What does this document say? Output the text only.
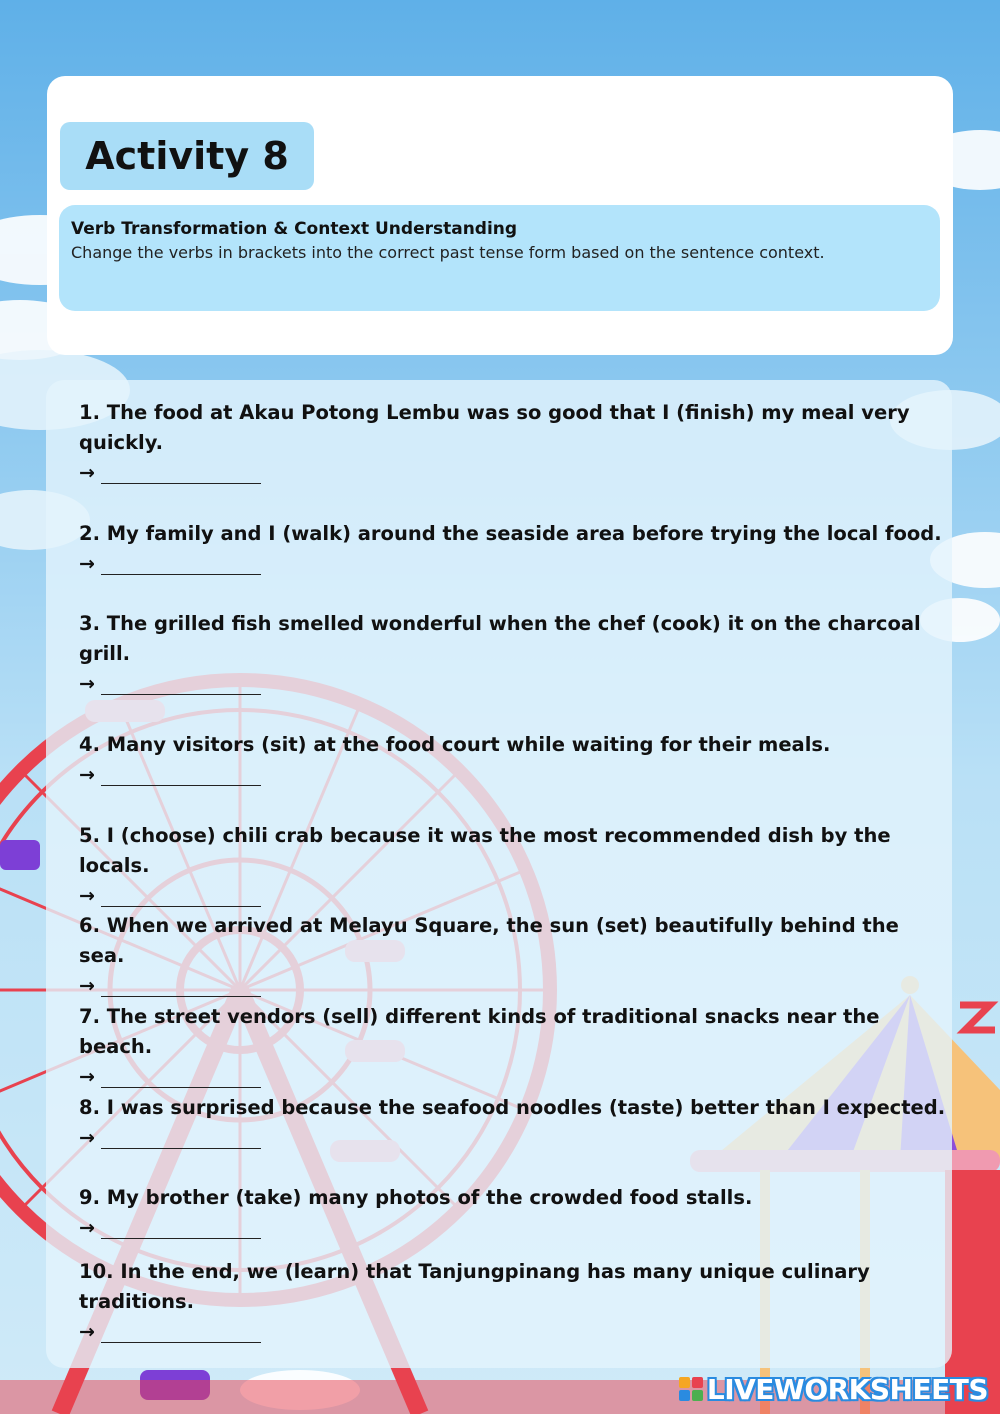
Activity 8

Verb Transformation & Context Understanding

Change the verbs in brackets into the correct past tense form based on the sentence context.

1. The food at Akau Potong Lembu was so good that I (finish) my meal very quickly.

→

2. My family and I (walk) around the seaside area before trying the local food.

→

3. The grilled fish smelled wonderful when the chef (cook) it on the charcoal grill.

→

4. Many visitors (sit) at the food court while waiting for their meals.

→

5. I (choose) chili crab because it was the most recommended dish by the locals.

→

6. When we arrived at Melayu Square, the sun (set) beautifully behind the sea.

→

7. The street vendors (sell) different kinds of traditional snacks near the beach.

→

8. I was surprised because the seafood noodles (taste) better than I expected.

→

9. My brother (take) many photos of the crowded food stalls.

→

10. In the end, we (learn) that Tanjungpinang has many unique culinary traditions.

→
LIVEWORKSHEETS
